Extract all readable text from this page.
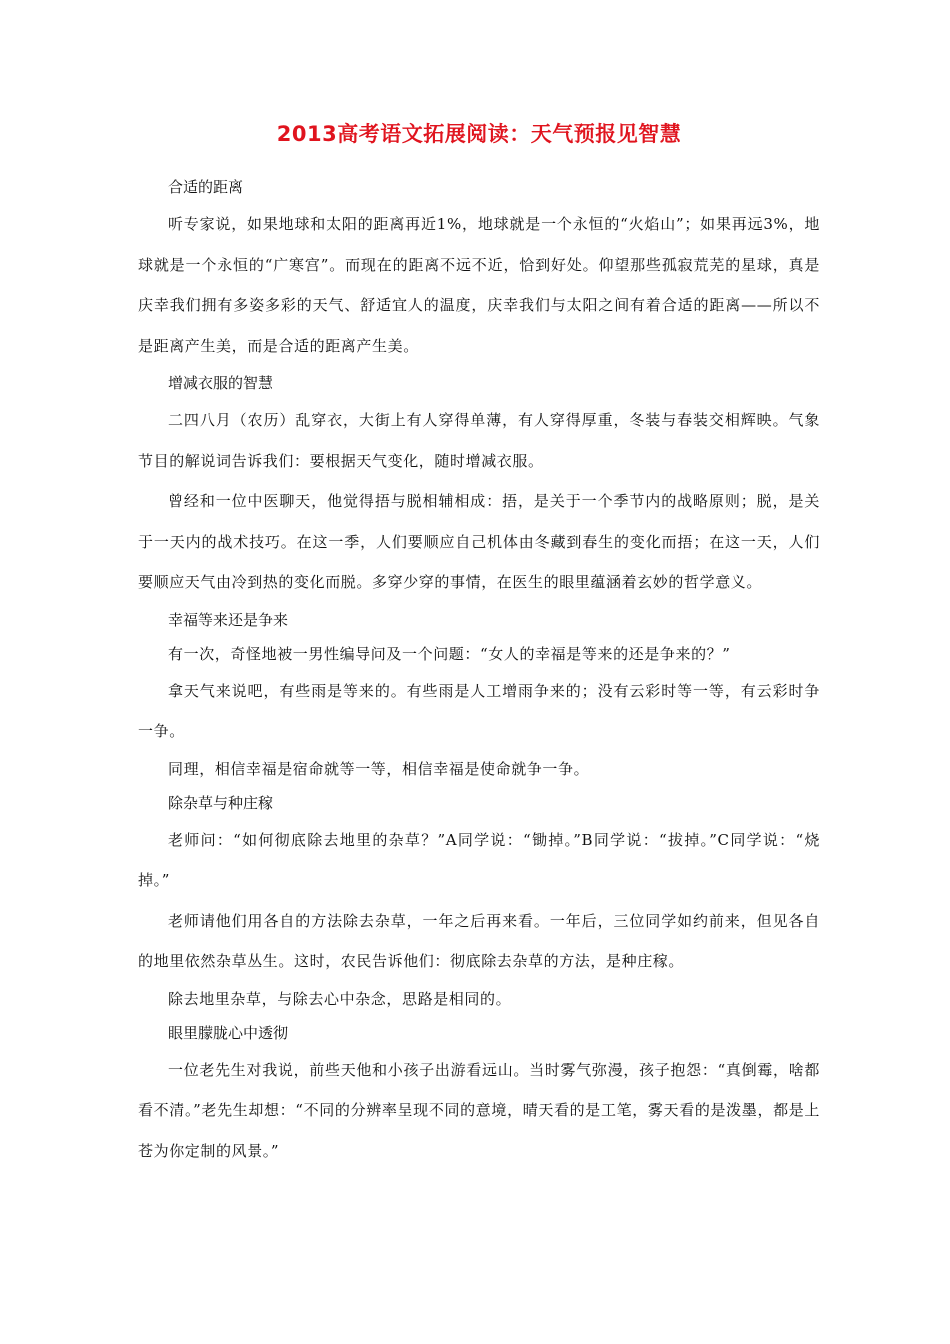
2013高考语文拓展阅读：天气预报见智慧

合适的距离

听专家说，如果地球和太阳的距离再近1%，地球就是一个永恒的“火焰山”；如果再远3%，地球就是一个永恒的“广寒宫”。而现在的距离不远不近，恰到好处。仰望那些孤寂荒芜的星球，真是庆幸我们拥有多姿多彩的天气、舒适宜人的温度，庆幸我们与太阳之间有着合适的距离——所以不是距离产生美，而是合适的距离产生美。

增减衣服的智慧

二四八月（农历）乱穿衣，大街上有人穿得单薄，有人穿得厚重，冬装与春装交相辉映。气象节目的解说词告诉我们：要根据天气变化，随时增减衣服。

曾经和一位中医聊天，他觉得捂与脱相辅相成：捂，是关于一个季节内的战略原则；脱，是关于一天内的战术技巧。在这一季，人们要顺应自己机体由冬藏到春生的变化而捂；在这一天，人们要顺应天气由冷到热的变化而脱。多穿少穿的事情，在医生的眼里蕴涵着玄妙的哲学意义。

幸福等来还是争来

有一次，奇怪地被一男性编导问及一个问题：“女人的幸福是等来的还是争来的？”

拿天气来说吧，有些雨是等来的。有些雨是人工增雨争来的；没有云彩时等一等，有云彩时争一争。

同理，相信幸福是宿命就等一等，相信幸福是使命就争一争。

除杂草与种庄稼

老师问：“如何彻底除去地里的杂草？”A同学说：“锄掉。”B同学说：“拔掉。”C同学说：“烧掉。”

老师请他们用各自的方法除去杂草，一年之后再来看。一年后，三位同学如约前来，但见各自的地里依然杂草丛生。这时，农民告诉他们：彻底除去杂草的方法，是种庄稼。

除去地里杂草，与除去心中杂念，思路是相同的。

眼里朦胧心中透彻

一位老先生对我说，前些天他和小孩子出游看远山。当时雾气弥漫，孩子抱怨：“真倒霉，啥都看不清。”老先生却想：“不同的分辨率呈现不同的意境，晴天看的是工笔，雾天看的是泼墨，都是上苍为你定制的风景。”
